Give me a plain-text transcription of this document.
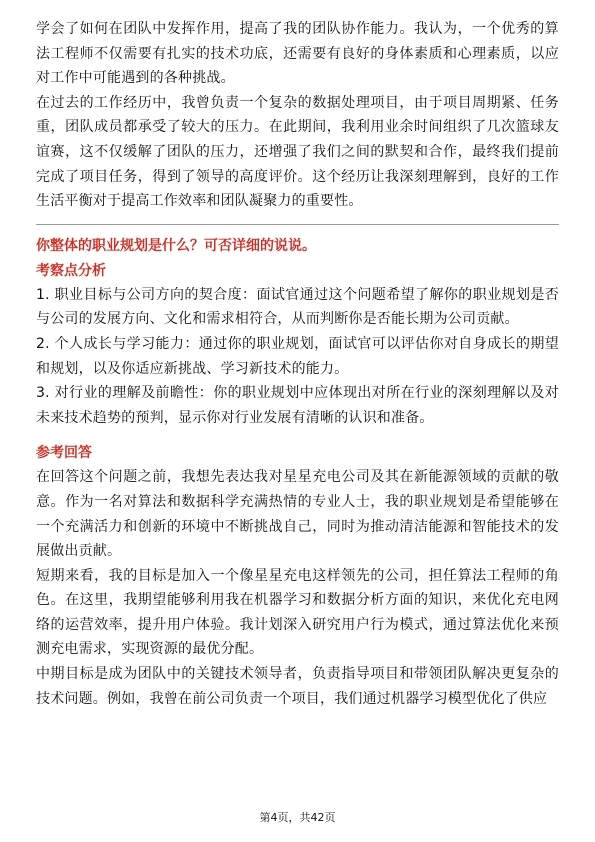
学会了如何在团队中发挥作用，提高了我的团队协作能力。我认为，一个优秀的算法工程师不仅需要有扎实的技术功底，还需要有良好的身体素质和心理素质，以应对工作中可能遇到的各种挑战。

在过去的工作经历中，我曾负责一个复杂的数据处理项目，由于项目周期紧、任务重，团队成员都承受了较大的压力。在此期间，我利用业余时间组织了几次篮球友谊赛，这不仅缓解了团队的压力，还增强了我们之间的默契和合作，最终我们提前完成了项目任务，得到了领导的高度评价。这个经历让我深刻理解到，良好的工作生活平衡对于提高工作效率和团队凝聚力的重要性。

你整体的职业规划是什么？可否详细的说说。

考察点分析

1. 职业目标与公司方向的契合度：面试官通过这个问题希望了解你的职业规划是否与公司的发展方向、文化和需求相符合，从而判断你是否能长期为公司贡献。

2. 个人成长与学习能力：通过你的职业规划，面试官可以评估你对自身成长的期望和规划，以及你适应新挑战、学习新技术的能力。

3. 对行业的理解及前瞻性：你的职业规划中应体现出对所在行业的深刻理解以及对未来技术趋势的预判，显示你对行业发展有清晰的认识和准备。

参考回答

在回答这个问题之前，我想先表达我对星星充电公司及其在新能源领域的贡献的敬意。作为一名对算法和数据科学充满热情的专业人士，我的职业规划是希望能够在一个充满活力和创新的环境中不断挑战自己，同时为推动清洁能源和智能技术的发展做出贡献。

短期来看，我的目标是加入一个像星星充电这样领先的公司，担任算法工程师的角色。在这里，我期望能够利用我在机器学习和数据分析方面的知识，来优化充电网络的运营效率，提升用户体验。我计划深入研究用户行为模式，通过算法优化来预测充电需求，实现资源的最优分配。

中期目标是成为团队中的关键技术领导者，负责指导项目和带领团队解决更复杂的技术问题。例如，我曾在前公司负责一个项目，我们通过机器学习模型优化了供应

第4页，共42页
